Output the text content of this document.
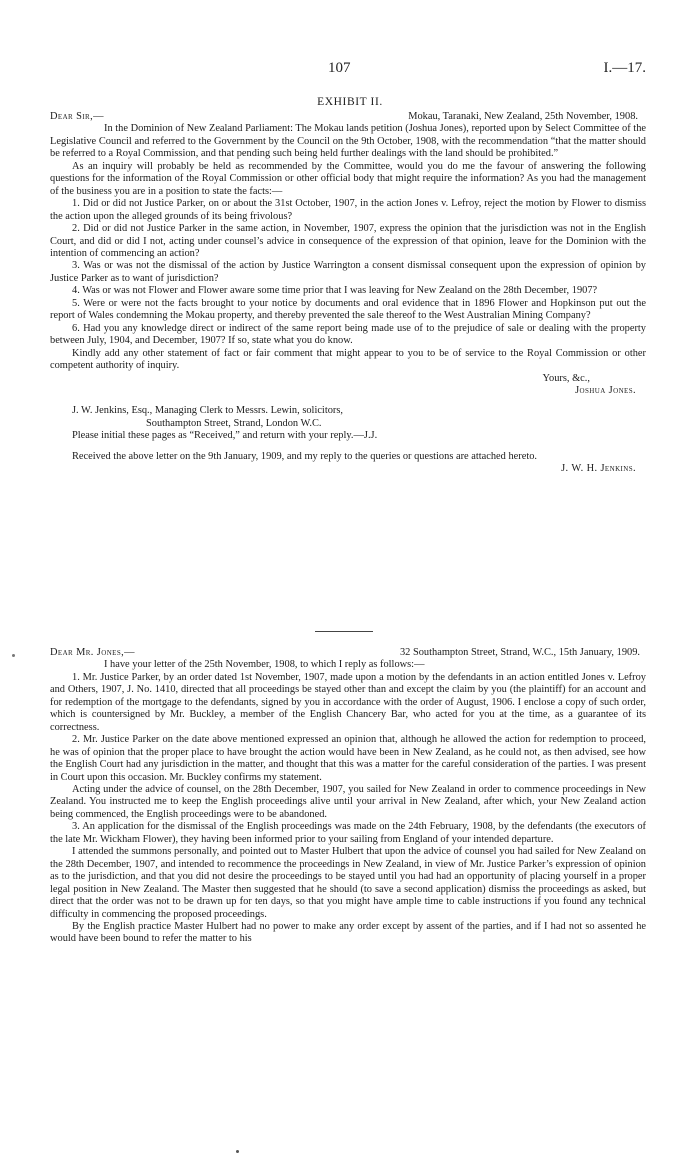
107	I.—17.
EXHIBIT II.
Dear Sir,—	Mokau, Taranaki, New Zealand, 25th November, 1908.

In the Dominion of New Zealand Parliament: The Mokau lands petition (Joshua Jones), reported upon by Select Committee of the Legislative Council and referred to the Government by the Council on the 9th October, 1908, with the recommendation “that the matter should be referred to a Royal Commission, and that pending such being held further dealings with the land should be prohibited.”

As an inquiry will probably be held as recommended by the Committee, would you do me the favour of answering the following questions for the information of the Royal Commission or other official body that might require the information? As you had the management of the business you are in a position to state the facts:—

1. Did or did not Justice Parker, on or about the 31st October, 1907, in the action Jones v. Lefroy, reject the motion by Flower to dismiss the action upon the alleged grounds of its being frivolous?

2. Did or did not Justice Parker in the same action, in November, 1907, express the opinion that the jurisdiction was not in the English Court, and did or did I not, acting under counsel’s advice in consequence of the expression of that opinion, leave for the Dominion with the intention of commencing an action?

3. Was or was not the dismissal of the action by Justice Warrington a consent dismissal consequent upon the expression of opinion by Justice Parker as to want of jurisdiction?

4. Was or was not Flower and Flower aware some time prior that I was leaving for New Zealand on the 28th December, 1907?

5. Were or were not the facts brought to your notice by documents and oral evidence that in 1896 Flower and Hopkinson put out the report of Wales condemning the Mokau property, and thereby prevented the sale thereof to the West Australian Mining Company?

6. Had you any knowledge direct or indirect of the same report being made use of to the prejudice of sale or dealing with the property between July, 1904, and December, 1907? If so, state what you do know.

Kindly add any other statement of fact or fair comment that might appear to you to be of service to the Royal Commission or other competent authority of inquiry.

Yours, &c.,

Joshua Jones.

J. W. Jenkins, Esq., Managing Clerk to Messrs. Lewin, solicitors,

Southampton Street, Strand, London W.C.

Please initial these pages as “Received,” and return with your reply.—J.J.

Received the above letter on the 9th January, 1909, and my reply to the queries or questions are attached hereto.

J. W. H. Jenkins.

Dear Mr. Jones,—	32 Southampton Street, Strand, W.C., 15th January, 1909.

I have your letter of the 25th November, 1908, to which I reply as follows:—

1. Mr. Justice Parker, by an order dated 1st November, 1907, made upon a motion by the defendants in an action entitled Jones v. Lefroy and Others, 1907, J. No. 1410, directed that all proceedings be stayed other than and except the claim by you (the plaintiff) for an account and for redemption of the mortgage to the defendants, signed by you in accordance with the order of August, 1906. I enclose a copy of such order, which is countersigned by Mr. Buckley, a member of the English Chancery Bar, who acted for you at the time, as a guarantee of its correctness.

2. Mr. Justice Parker on the date above mentioned expressed an opinion that, although he allowed the action for redemption to proceed, he was of opinion that the proper place to have brought the action would have been in New Zealand, as he could not, as then advised, see how the English Court had any jurisdiction in the matter, and thought that this was a matter for the careful consideration of the parties. I was present in Court upon this occasion. Mr. Buckley confirms my statement.

Acting under the advice of counsel, on the 28th December, 1907, you sailed for New Zealand in order to commence proceedings in New Zealand. You instructed me to keep the English proceedings alive until your arrival in New Zealand, after which, your New Zealand action being commenced, the English proceedings were to be abandoned.

3. An application for the dismissal of the English proceedings was made on the 24th February, 1908, by the defendants (the executors of the late Mr. Wickham Flower), they having been informed prior to your sailing from England of your intended departure.

I attended the summons personally, and pointed out to Master Hulbert that upon the advice of counsel you had sailed for New Zealand on the 28th December, 1907, and intended to recommence the proceedings in New Zealand, in view of Mr. Justice Parker’s expression of opinion as to the jurisdiction, and that you did not desire the proceedings to be stayed until you had had an opportunity of placing yourself in a proper legal position in New Zealand. The Master then suggested that he should (to save a second application) dismiss the proceedings as asked, but direct that the order was not to be drawn up for ten days, so that you might have ample time to cable instructions if you found any technical difficulty in commencing the proposed proceedings.

By the English practice Master Hulbert had no power to make any order except by assent of the parties, and if I had not so assented he would have been bound to refer the matter to his
